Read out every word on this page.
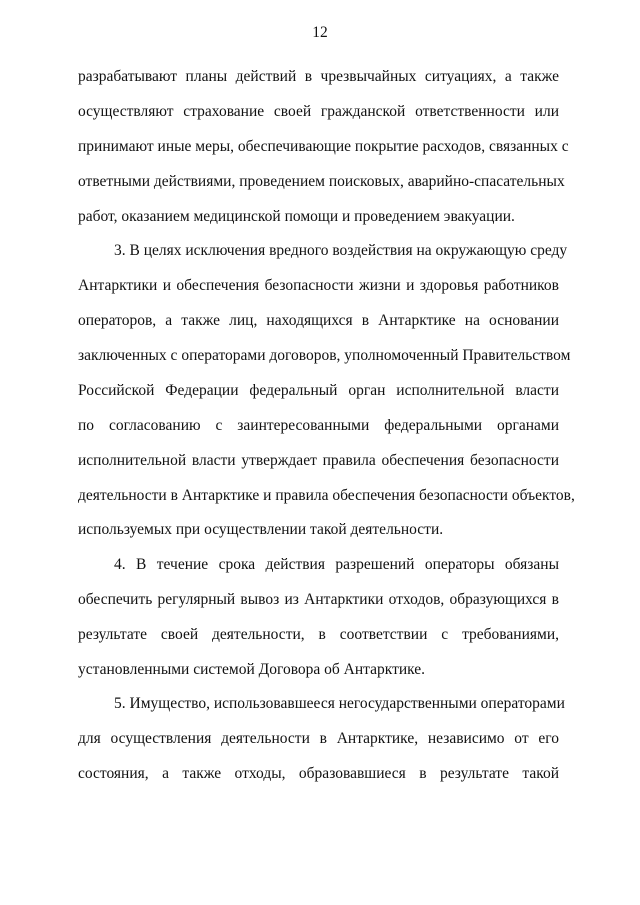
12
разрабатывают планы действий в чрезвычайных ситуациях, а также
осуществляют страхование своей гражданской ответственности или
принимают иные меры, обеспечивающие покрытие расходов, связанных с
ответными действиями, проведением поисковых, аварийно-спасательных
работ, оказанием медицинской помощи и проведением эвакуации.
3. В целях исключения вредного воздействия на окружающую среду
Антарктики и обеспечения безопасности жизни и здоровья работников
операторов, а также лиц, находящихся в Антарктике на основании
заключенных с операторами договоров, уполномоченный Правительством
Российской Федерации федеральный орган исполнительной власти
по согласованию с заинтересованными федеральными органами
исполнительной власти утверждает правила обеспечения безопасности
деятельности в Антарктике и правила обеспечения безопасности объектов,
используемых при осуществлении такой деятельности.
4. В течение срока действия разрешений операторы обязаны
обеспечить регулярный вывоз из Антарктики отходов, образующихся в
результате своей деятельности, в соответствии с требованиями,
установленными системой Договора об Антарктике.
5. Имущество, использовавшееся негосударственными операторами
для осуществления деятельности в Антарктике, независимо от его
состояния, а также отходы, образовавшиеся в результате такой
